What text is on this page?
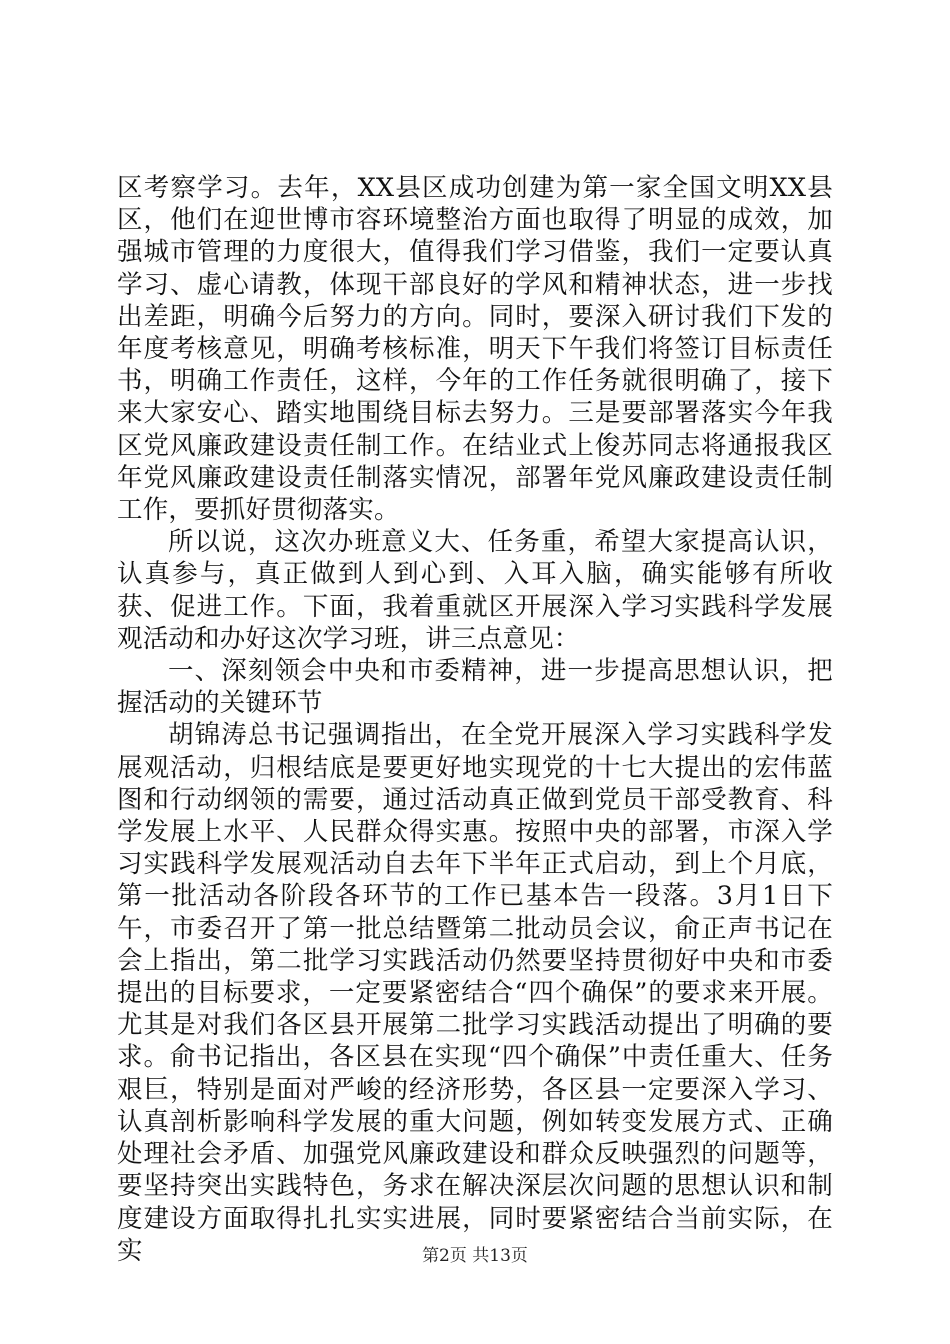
区考察学习。去年，XX县区成功创建为第一家全国文明XX县区，他们在迎世博市容环境整治方面也取得了明显的成效，加强城市管理的力度很大，值得我们学习借鉴，我们一定要认真学习、虚心请教，体现干部良好的学风和精神状态，进一步找出差距，明确今后努力的方向。同时，要深入研讨我们下发的年度考核意见，明确考核标准，明天下午我们将签订目标责任书，明确工作责任，这样，今年的工作任务就很明确了，接下来大家安心、踏实地围绕目标去努力。三是要部署落实今年我区党风廉政建设责任制工作。在结业式上俊苏同志将通报我区年党风廉政建设责任制落实情况，部署年党风廉政建设责任制工作，要抓好贯彻落实。

所以说，这次办班意义大、任务重，希望大家提高认识，认真参与，真正做到人到心到、入耳入脑，确实能够有所收获、促进工作。下面，我着重就区开展深入学习实践科学发展观活动和办好这次学习班，讲三点意见：

一、深刻领会中央和市委精神，进一步提高思想认识，把握活动的关键环节

胡锦涛总书记强调指出，在全党开展深入学习实践科学发展观活动，归根结底是要更好地实现党的十七大提出的宏伟蓝图和行动纲领的需要，通过活动真正做到党员干部受教育、科学发展上水平、人民群众得实惠。按照中央的部署，市深入学习实践科学发展观活动自去年下半年正式启动，到上个月底，第一批活动各阶段各环节的工作已基本告一段落。3月1日下午，市委召开了第一批总结暨第二批动员会议，俞正声书记在会上指出，第二批学习实践活动仍然要坚持贯彻好中央和市委提出的目标要求，一定要紧密结合“四个确保”的要求来开展。尤其是对我们各区县开展第二批学习实践活动提出了明确的要求。俞书记指出，各区县在实现“四个确保”中责任重大、任务艰巨，特别是面对严峻的经济形势，各区县一定要深入学习、认真剖析影响科学发展的重大问题，例如转变发展方式、正确处理社会矛盾、加强党风廉政建设和群众反映强烈的问题等，要坚持突出实践特色，务求在解决深层次问题的思想认识和制度建设方面取得扎扎实实进展，同时要紧密结合当前实际，在实	第2页 共13页
